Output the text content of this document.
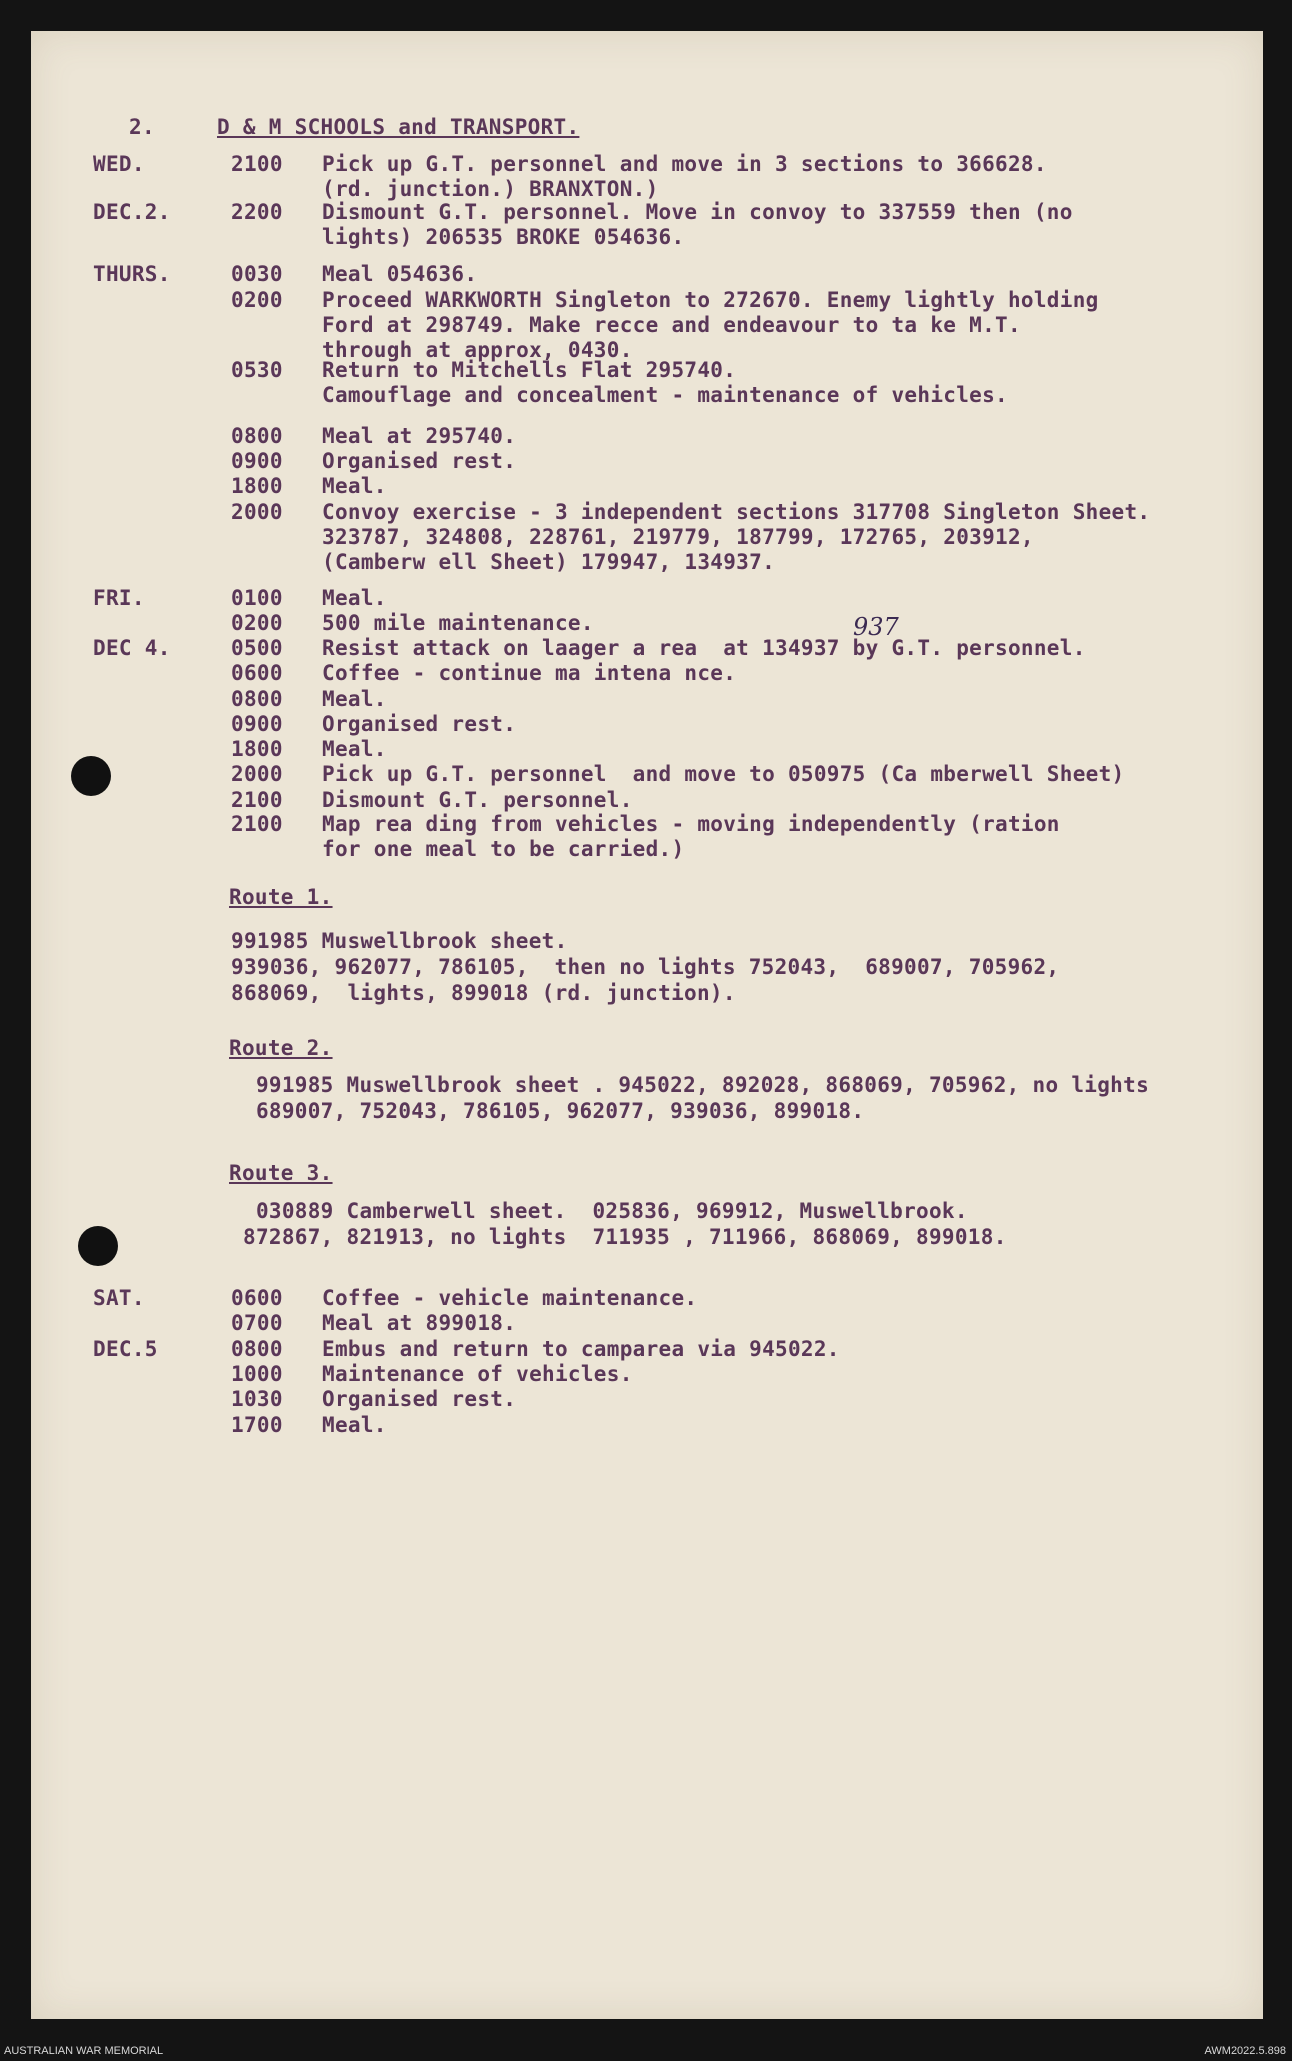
2.	D & M SCHOOLS and TRANSPORT.
WED.	2100 Pick up G.T. personnel and move in 3 sections to 366628.
(rd. junction.) BRANXTON.)
DEC.2.	2200 Dismount G.T. personnel. Move in convoy to 337559 then (no
lights) 206535 BROKE 054636.
THURS.	0030 Meal 054636.
0200 Proceed WARKWORTH Singleton to 272670. Enemy lightly holding
Ford at 298749. Make recce and endeavour to ta ke M.T.
through at approx, 0430.
0530 Return to Mitchells Flat 295740.
Camouflage and concealment - maintenance of vehicles.
0800 Meal at 295740.
0900 Organised rest.
1800 Meal.
2000 Convoy exercise - 3 independent sections 317708 Singleton Sheet.
323787, 324808, 228761, 219779, 187799, 172765, 203912,
(Camberw ell Sheet) 179947, 134937.
FRI.	0100 Meal.
0200 500 mile maintenance.
DEC 4.	0500 Resist attack on laager a rea  at 134937 by G.T. personnel.
0600 Coffee - continue ma intena nce.
0800 Meal.
0900 Organised rest.
1800 Meal.
2000 Pick up G.T. personnel  and move to 050975 (Ca mberwell Sheet)
2100 Dismount G.T. personnel.
2100 Map rea ding from vehicles - moving independently (ration
for one meal to be carried.)
Route 1.
991985 Muswellbrook sheet.
939036, 962077, 786105,  then no lights 752043,  689007, 705962,
868069,  lights, 899018 (rd. junction).
Route 2.
991985 Muswellbrook sheet . 945022, 892028, 868069, 705962, no lights
689007, 752043, 786105, 962077, 939036, 899018.
Route 3.
030889 Camberwell sheet.  025836, 969912, Muswellbrook.
872867, 821913, no lights  711935 , 711966, 868069, 899018.
SAT.	0600 Coffee - vehicle maintenance.
0700 Meal at 899018.
DEC.5	0800 Embus and return to camparea via 945022.
1000 Maintenance of vehicles.
1030 Organised rest.
1700 Meal.
937
AUSTRALIAN WAR MEMORIAL	AWM2022.5.898
